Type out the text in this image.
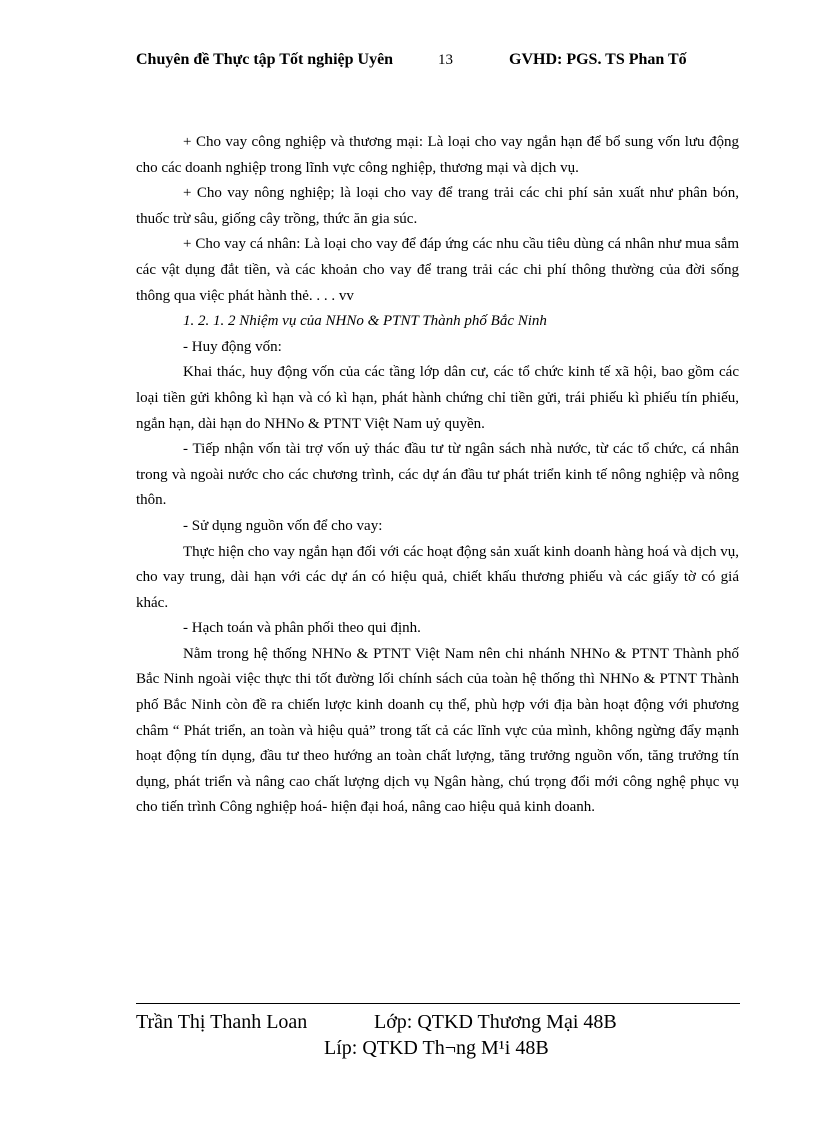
Chuyên đề Thực tập Tốt nghiệp Uyên	13	GVHD: PGS. TS Phan Tố

+ Cho vay công nghiệp và thương mại: Là loại cho vay ngắn hạn để bổ sung vốn lưu động cho các doanh nghiệp trong lĩnh vực công nghiệp, thương mại và dịch vụ.

+ Cho vay nông nghiệp; là loại cho vay để trang trải các chi phí sản xuất như phân bón, thuốc trừ sâu, giống cây trồng, thức ăn gia súc.

+ Cho vay cá nhân: Là loại cho vay để đáp ứng các nhu cầu tiêu dùng cá nhân như mua sắm các vật dụng đắt tiền, và các khoản cho vay để trang trải các chi phí thông thường của đời sống thông qua việc phát hành thẻ. . . . vv

1. 2. 1. 2 Nhiệm vụ của NHNo & PTNT Thành phố Bắc Ninh

- Huy động vốn:

Khai thác, huy động vốn của các tầng lớp dân cư, các tổ chức kinh tế xã hội, bao gồm các loại tiền gửi không kì hạn và có kì hạn, phát hành chứng chỉ tiền gửi, trái phiếu kì phiếu tín phiếu, ngắn hạn, dài hạn do NHNo & PTNT Việt Nam uỷ quyền.

- Tiếp nhận vốn tài trợ vốn uỷ thác đầu tư từ ngân sách nhà nước, từ các tổ chức, cá nhân trong và ngoài nước cho các chương trình, các dự án đầu tư phát triển kinh tế nông nghiệp và nông thôn.

- Sử dụng nguồn vốn để cho vay:

Thực hiện cho vay ngắn hạn đối với các hoạt động sản xuất kinh doanh hàng hoá và dịch vụ, cho vay trung, dài hạn với các dự án có hiệu quả, chiết khấu thương phiếu và các giấy tờ có giá khác.

- Hạch toán và phân phối theo qui định.

Nằm trong hệ thống NHNo & PTNT Việt Nam nên chi nhánh NHNo & PTNT Thành phố Bắc Ninh ngoài việc thực thi tốt đường lối chính sách của toàn hệ thống thì NHNo & PTNT Thành phố Bắc Ninh còn đề ra chiến lược kinh doanh cụ thể, phù hợp với địa bàn hoạt động với phương châm “ Phát triển, an toàn và hiệu quả” trong tất cả các lĩnh vực của mình, không ngừng đẩy mạnh hoạt động tín dụng, đầu tư theo hướng an toàn chất lượng, tăng trưởng nguồn vốn, tăng trưởng tín dụng, phát triển và nâng cao chất lượng dịch vụ Ngân hàng, chú trọng đổi mới công nghệ phục vụ cho tiến trình Công nghiệp hoá- hiện đại hoá, nâng cao hiệu quả kinh doanh.

Trần Thị Thanh Loan	Lớp: QTKD Thương Mại 48B
Líp: QTKD Th¬ng M¹i 48B
